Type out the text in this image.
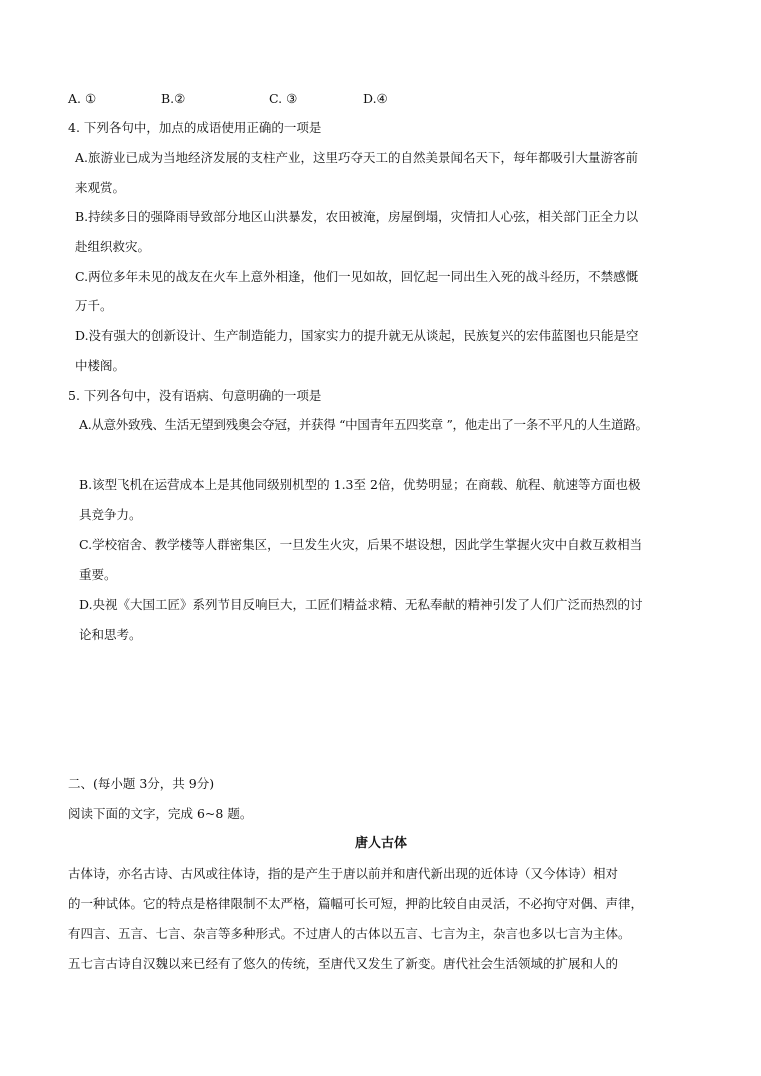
A. ①	B.②	C. ③	D.④
4. 下列各句中，加点的成语使用正确的一项是
A.旅游业已成为当地经济发展的支柱产业，这里巧夺天工的自然美景闻名天下，每年都吸引大量游客前
来观赏。
B.持续多日的强降雨导致部分地区山洪暴发，农田被淹，房屋倒塌，灾情扣人心弦，相关部门正全力以
赴组织救灾。
C.两位多年未见的战友在火车上意外相逢，他们一见如故，回忆起一同出生入死的战斗经历，不禁感慨
万千。
D.没有强大的创新设计、生产制造能力，国家实力的提升就无从谈起，民族复兴的宏伟蓝图也只能是空
中楼阁。
5. 下列各句中，没有语病、句意明确的一项是
A.从意外致残、生活无望到残奥会夺冠，并获得 “中国青年五四奖章 ”，他走出了一条不平凡的人生道路。
B.该型飞机在运营成本上是其他同级别机型的 1.3至 2倍，优势明显；在商载、航程、航速等方面也极
具竞争力。
C.学校宿舍、教学楼等人群密集区，一旦发生火灾，后果不堪设想，因此学生掌握火灾中自救互救相当
重要。
D.央视《大国工匠》系列节目反响巨大，工匠们精益求精、无私奉献的精神引发了人们广泛而热烈的讨
论和思考。
二、(每小题 3分，共 9分)
阅读下面的文字，完成 6~8 题。
唐人古体
古体诗，亦名古诗、古风或往体诗，指的是产生于唐以前并和唐代新出现的近体诗（又今体诗）相对
的一种试体。它的特点是格律限制不太严格，篇幅可长可短，押韵比较自由灵活，不必拘守对偶、声律，
有四言、五言、七言、杂言等多种形式。不过唐人的古体以五言、七言为主，杂言也多以七言为主体。
五七言古诗自汉魏以来已经有了悠久的传统，至唐代又发生了新变。唐代社会生活领域的扩展和人的
